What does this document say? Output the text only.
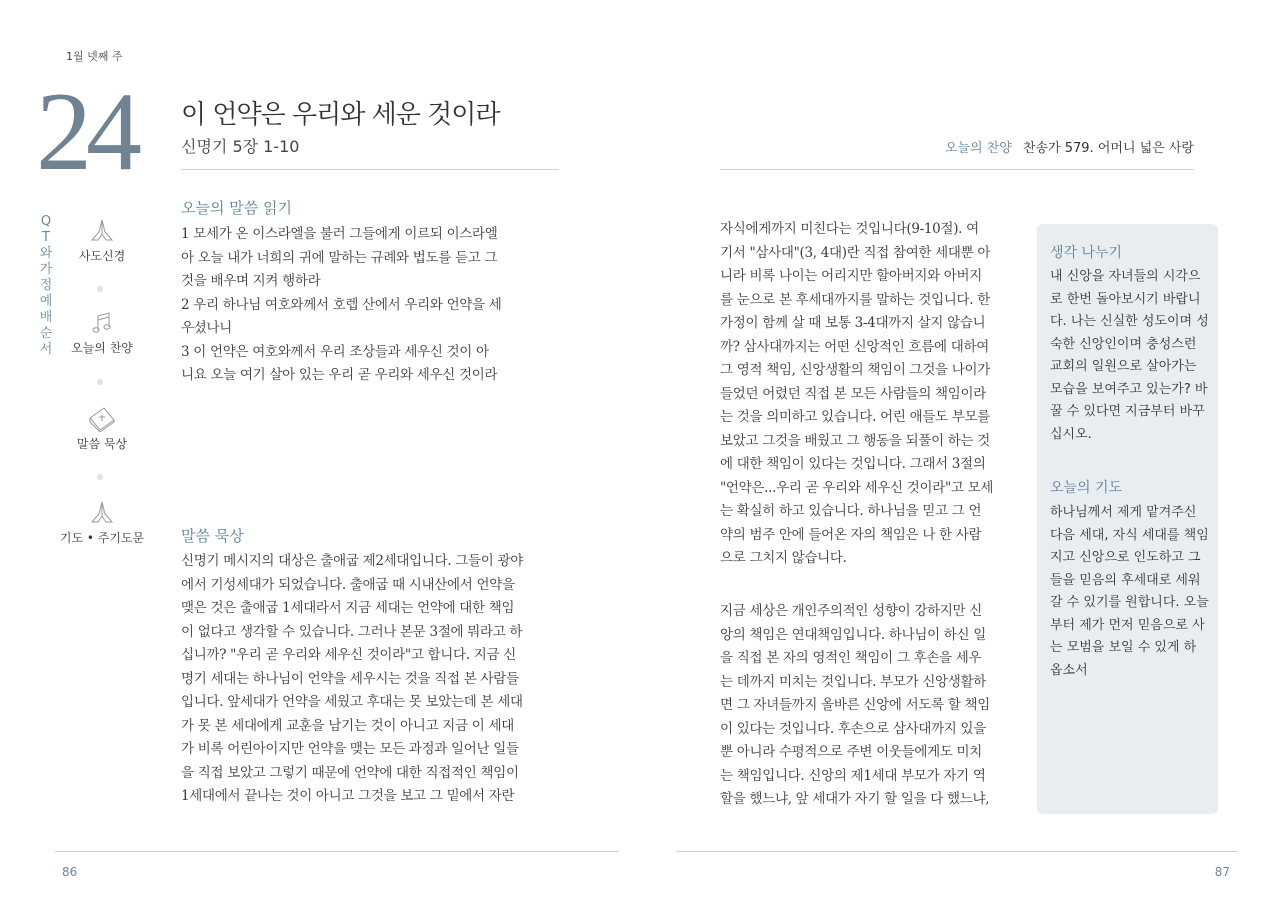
1월 넷째 주
24 이 언약은 우리와 세운 것이라
신명기 5장 1-10
QT와 가정예배 순서
사도신경
오늘의 찬양
말씀 묵상
기도 • 주기도문
오늘의 말씀 읽기
1 모세가 온 이스라엘을 불러 그들에게 이르되 이스라엘
아 오늘 내가 너희의 귀에 말하는 규례와 법도를 듣고 그
것을 배우며 지켜 행하라
2 우리 하나님 여호와께서 호렙 산에서 우리와 언약을 세
우셨나니
3 이 언약은 여호와께서 우리 조상들과 세우신 것이 아
니요 오늘 여기 살아 있는 우리 곧 우리와 세우신 것이라
말씀 묵상
신명기 메시지의 대상은 출애굽 제2세대입니다. 그들이 광야
에서 기성세대가 되었습니다. 출애굽 때 시내산에서 언약을
맺은 것은 출애굽 1세대라서 지금 세대는 언약에 대한 책임
이 없다고 생각할 수 있습니다. 그러나 본문 3절에 뭐라고 하
십니까? "우리 곧 우리와 세우신 것이라"고 합니다. 지금 신
명기 세대는 하나님이 언약을 세우시는 것을 직접 본 사람들
입니다. 앞세대가 언약을 세웠고 후대는 못 보았는데 본 세대
가 못 본 세대에게 교훈을 남기는 것이 아니고 지금 이 세대
가 비록 어린아이지만 언약을 맺는 모든 과정과 일어난 일들
을 직접 보았고 그렇기 때문에 언약에 대한 직접적인 책임이
1세대에서 끝나는 것이 아니고 그것을 보고 그 밑에서 자란
86
오늘의 찬양 찬송가 579. 어머니 넓은 사랑
자식에게까지 미친다는 것입니다(9-10절). 여
기서 "삼사대"(3, 4대)란 직접 참여한 세대뿐 아
니라 비록 나이는 어리지만 할아버지와 아버지
를 눈으로 본 후세대까지를 말하는 것입니다. 한
가정이 함께 살 때 보통 3-4대까지 살지 않습니
까? 삼사대까지는 어떤 신앙적인 흐름에 대하여
그 영적 책임, 신앙생활의 책임이 그것을 나이가
들었던 어렸던 직접 본 모든 사람들의 책임이라
는 것을 의미하고 있습니다. 어린 애들도 부모를
보았고 그것을 배웠고 그 행동을 되풀이 하는 것
에 대한 책임이 있다는 것입니다. 그래서 3절의
"언약은...우리 곧 우리와 세우신 것이라"고 모세
는 확실히 하고 있습니다. 하나님을 믿고 그 언
약의 범주 안에 들어온 자의 책임은 나 한 사람
으로 그치지 않습니다.
지금 세상은 개인주의적인 성향이 강하지만 신
앙의 책임은 연대책임입니다. 하나님이 하신 일
을 직접 본 자의 영적인 책임이 그 후손을 세우
는 데까지 미치는 것입니다. 부모가 신앙생활하
면 그 자녀들까지 올바른 신앙에 서도록 할 책임
이 있다는 것입니다. 후손으로 삼사대까지 있을
뿐 아니라 수평적으로 주변 이웃들에게도 미치
는 책임입니다. 신앙의 제1세대 부모가 자기 역
할을 했느냐, 앞 세대가 자기 할 일을 다 했느냐,
생각 나누기
내 신앙을 자녀들의 시각으
로 한번 돌아보시기 바랍니
다. 나는 신실한 성도이며 성
숙한 신앙인이며 충성스런
교회의 일원으로 살아가는
모습을 보여주고 있는가? 바
꿀 수 있다면 지금부터 바꾸
십시오.
오늘의 기도
하나님께서 제게 맡겨주신
다음 세대, 자식 세대를 책임
지고 신앙으로 인도하고 그
들을 믿음의 후세대로 세워
갈 수 있기를 원합니다. 오늘
부터 제가 먼저 믿음으로 사
는 모범을 보일 수 있게 하
옵소서
87
